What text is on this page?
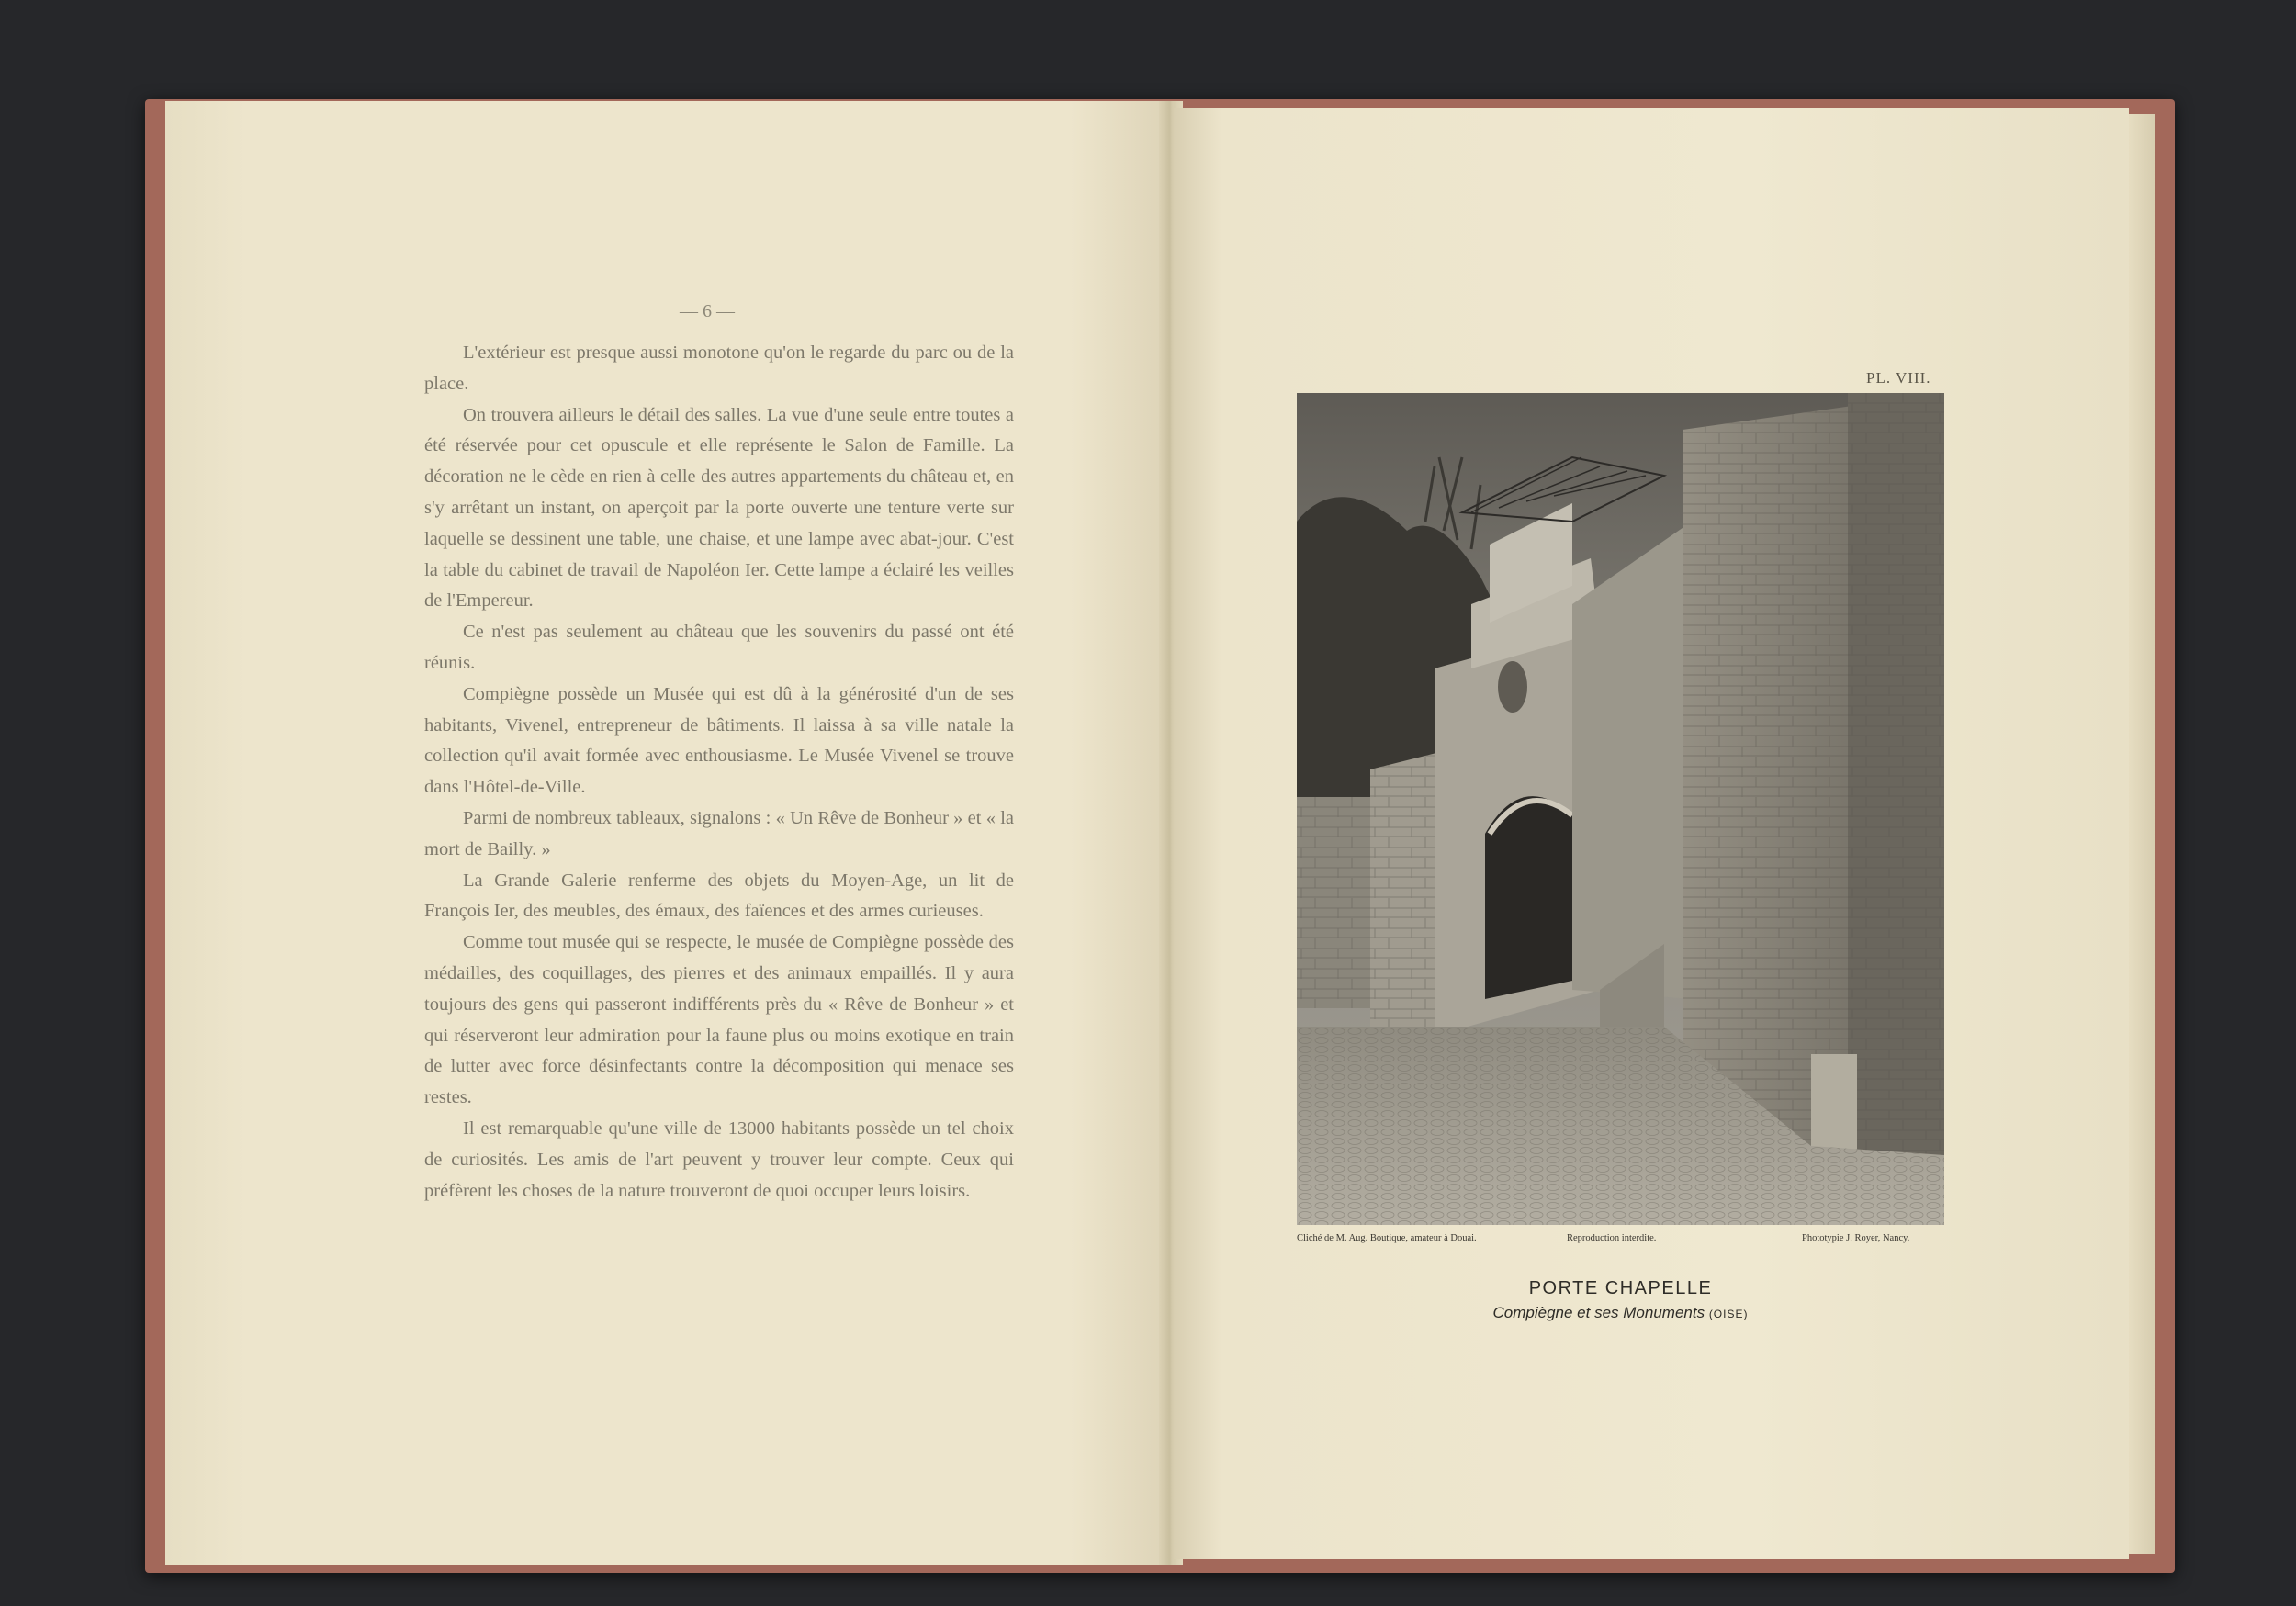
— 6 —

L'extérieur est presque aussi monotone qu'on le regarde du parc ou de la place.

On trouvera ailleurs le détail des salles. La vue d'une seule entre toutes a été réservée pour cet opuscule et elle représente le Salon de Famille. La décoration ne le cède en rien à celle des autres appartements du château et, en s'y arrêtant un instant, on aperçoit par la porte ouverte une tenture verte sur laquelle se dessinent une table, une chaise, et une lampe avec abat-jour. C'est la table du cabinet de travail de Napoléon Ier. Cette lampe a éclairé les veilles de l'Empereur.

Ce n'est pas seulement au château que les souvenirs du passé ont été réunis.

Compiègne possède un Musée qui est dû à la générosité d'un de ses habitants, Vivenel, entrepreneur de bâtiments. Il laissa à sa ville natale la collection qu'il avait formée avec enthousiasme. Le Musée Vivenel se trouve dans l'Hôtel-de-Ville.

Parmi de nombreux tableaux, signalons : « Un Rêve de Bonheur » et « la mort de Bailly. »

La Grande Galerie renferme des objets du Moyen-Age, un lit de François Ier, des meubles, des émaux, des faïences et des armes curieuses.

Comme tout musée qui se respecte, le musée de Compiègne possède des médailles, des coquillages, des pierres et des animaux empaillés. Il y aura toujours des gens qui passeront indifférents près du « Rêve de Bonheur » et qui réserveront leur admiration pour la faune plus ou moins exotique en train de lutter avec force désinfectants contre la décomposition qui menace ses restes.

Il est remarquable qu'une ville de 13000 habitants possède un tel choix de curiosités. Les amis de l'art peuvent y trouver leur compte. Ceux qui préfèrent les choses de la nature trouveront de quoi occuper leurs loisirs.

PL. VIII.
Cliché de M. Aug. Boutique, amateur à Douai.	Reproduction interdite.	Phototypie J. Royer, Nancy.
PORTE CHAPELLE
Compiègne et ses Monuments (OISE)
